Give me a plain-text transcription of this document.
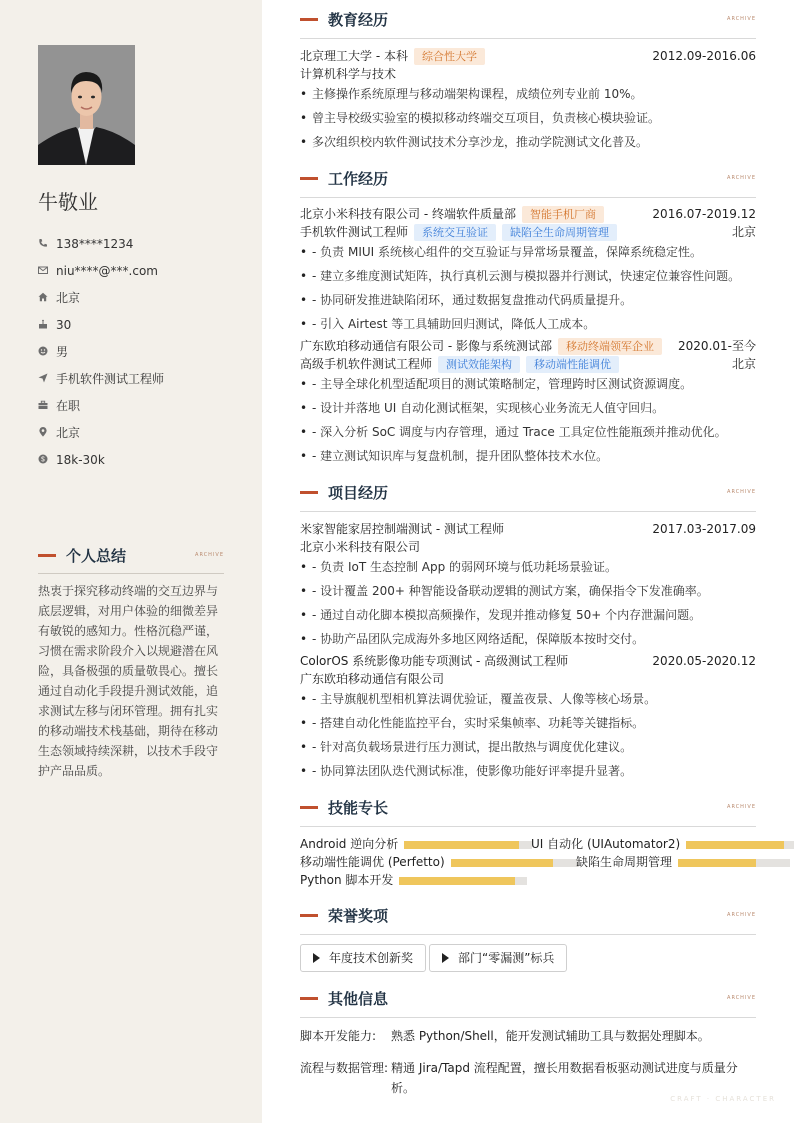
牛敬业
138****1234
niu****@***.com
北京
30
男
手机软件测试工程师
在职
北京
18k-30k
个人总结	ARCHIVE

热衷于探究移动终端的交互边界与底层逻辑，对用户体验的细微差异有敏锐的感知力。性格沉稳严谨，习惯在需求阶段介入以规避潜在风险，具备极强的质量敬畏心。擅长通过自动化手段提升测试效能，追求测试左移与闭环管理。拥有扎实的移动端技术栈基础，期待在移动生态领域持续深耕，以技术手段守护产品品质。

教育经历	ARCHIVE
北京理工大学 - 本科 综合性大学	2012.09-2016.06
计算机科学与技术
• 主修操作系统原理与移动端架构课程，成绩位列专业前 10%。
• 曾主导校级实验室的模拟移动终端交互项目，负责核心模块验证。
• 多次组织校内软件测试技术分享沙龙，推动学院测试文化普及。
工作经历	ARCHIVE
北京小米科技有限公司 - 终端软件质量部 智能手机厂商	2016.07-2019.12
手机软件测试工程师 系统交互验证 缺陷全生命周期管理	北京
• - 负责 MIUI 系统核心组件的交互验证与异常场景覆盖，保障系统稳定性。
• - 建立多维度测试矩阵，执行真机云测与模拟器并行测试，快速定位兼容性问题。
• - 协同研发推进缺陷闭环，通过数据复盘推动代码质量提升。
• - 引入 Airtest 等工具辅助回归测试，降低人工成本。
广东欧珀移动通信有限公司 - 影像与系统测试部 移动终端领军企业 2020.01-至今
高级手机软件测试工程师 测试效能架构 移动端性能调优	北京
• - 主导全球化机型适配项目的测试策略制定，管理跨时区测试资源调度。
• - 设计并落地 UI 自动化测试框架，实现核心业务流无人值守回归。
• - 深入分析 SoC 调度与内存管理，通过 Trace 工具定位性能瓶颈并推动优化。
• - 建立测试知识库与复盘机制，提升团队整体技术水位。
项目经历	ARCHIVE
米家智能家居控制端测试 - 测试工程师	2017.03-2017.09
北京小米科技有限公司
• - 负责 IoT 生态控制 App 的弱网环境与低功耗场景验证。
• - 设计覆盖 200+ 种智能设备联动逻辑的测试方案，确保指令下发准确率。
• - 通过自动化脚本模拟高频操作，发现并推动修复 50+ 个内存泄漏问题。
• - 协助产品团队完成海外多地区网络适配，保障版本按时交付。
ColorOS 系统影像功能专项测试 - 高级测试工程师	2020.05-2020.12
广东欧珀移动通信有限公司
• - 主导旗舰机型相机算法调优验证，覆盖夜景、人像等核心场景。
• - 搭建自动化性能监控平台，实时采集帧率、功耗等关键指标。
• - 针对高负载场景进行压力测试，提出散热与调度优化建议。
• - 协同算法团队迭代测试标准，使影像功能好评率提升显著。
技能专长	ARCHIVE
Android 逆向分析	UI 自动化 (UIAutomator2)
移动端性能调优 (Perfetto)	缺陷生命周期管理
Python 脚本开发
荣誉奖项	ARCHIVE
年度技术创新奖	部门“零漏测”标兵
其他信息	ARCHIVE
脚本开发能力: 熟悉 Python/Shell，能开发测试辅助工具与数据处理脚本。
流程与数据管理: 精通 Jira/Tapd 流程配置，擅长用数据看板驱动测试进度与质量分析。
CRAFT · CHARACTER
